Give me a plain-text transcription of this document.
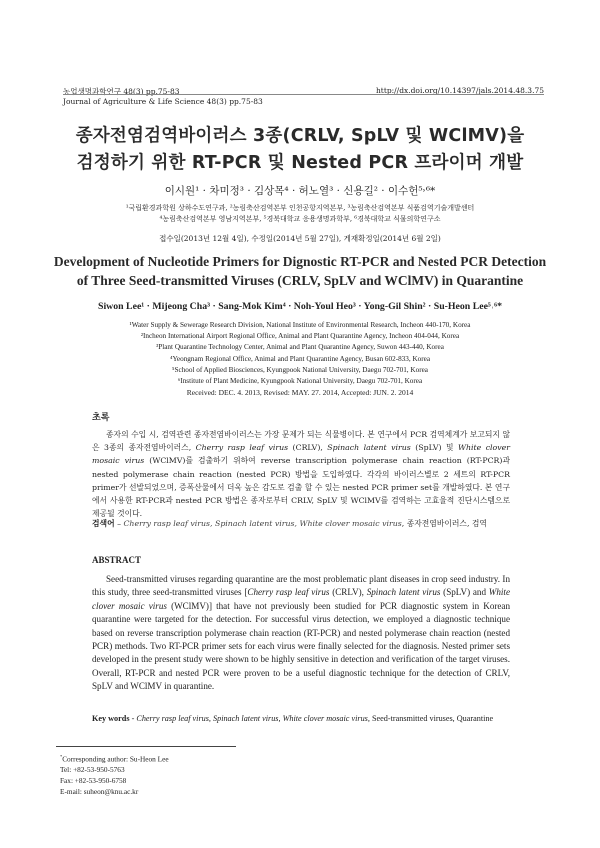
농업생명과학연구 48(3) pp.75-83	http://dx.doi.org/10.14397/jals.2014.48.3.75
Journal of Agriculture & Life Science 48(3) pp.75-83
종자전염검역바이러스 3종(CRLV, SpLV 및 WClMV)을
검정하기 위한 RT-PCR 및 Nested PCR 프라이머 개발
이시원¹ · 차미정³ · 김상목⁴ · 허노열³ · 신용길² · 이수헌⁵˒⁶*
¹국립환경과학원 상하수도연구과, ²농림축산검역본부 인천공항지역본부, ³농림축산검역본부 식품검역기술개발센터
⁴농림축산검역본부 영남지역본부, ⁵경북대학교 응용생명과학부, ⁶경북대학교 식물의학연구소
접수일(2013년 12월 4일), 수정일(2014년 5월 27일), 게재확정일(2014년 6월 2일)
Development of Nucleotide Primers for Dignostic RT-PCR and Nested PCR Detection
of Three Seed-transmitted Viruses (CRLV, SpLV and WClMV) in Quarantine
Siwon Lee¹ · Mijeong Cha³ · Sang-Mok Kim⁴ · Noh-Youl Heo³ · Yong-Gil Shin² · Su-Heon Lee⁵˒⁶*
¹Water Supply & Sewerage Research Division, National Institute of Environmental Research, Incheon 440-170, Korea
²Incheon International Airport Regional Office, Animal and Plant Quarantine Agency, Incheon 404-044, Korea
³Plant Quarantine Technology Center, Animal and Plant Quarantine Agency, Suwon 443-440, Korea
⁴Yeongnam Regional Office, Animal and Plant Quarantine Agency, Busan 602-833, Korea
⁵School of Applied Biosciences, Kyungpook National University, Daegu 702-701, Korea
⁶Institute of Plant Medicine, Kyungpook National University, Daegu 702-701, Korea
Received: DEC. 4. 2013, Revised: MAY. 27. 2014, Accepted: JUN. 2. 2014
초록
종자의 수입 시, 검역관련 종자전염바이러스는 가장 문제가 되는 식물병이다. 본 연구에서 PCR 검역체계가 보고되지 않은 3종의 종자전염바이러스, Cherry rasp leaf virus (CRLV), Spinach latent virus (SpLV) 및 White clover mosaic virus (WClMV)를 검출하기 위하여 reverse transcription polymerase chain reaction (RT-PCR)과 nested polymerase chain reaction (nested PCR) 방법을 도입하였다. 각각의 바이러스별로 2 세트의 RT-PCR primer가 선발되었으며, 증폭산물에서 더욱 높은 감도로 검출 할 수 있는 nested PCR primer set를 개발하였다. 본 연구에서 사용한 RT-PCR과 nested PCR 방법은 종자로부터 CRLV, SpLV 및 WClMV를 검역하는 고효율적 진단시스템으로 제공될 것이다.
검색어 – Cherry rasp leaf virus, Spinach latent virus, White clover mosaic virus, 종자전염바이러스, 검역
ABSTRACT
Seed-transmitted viruses regarding quarantine are the most problematic plant diseases in crop seed industry. In this study, three seed-transmitted viruses [Cherry rasp leaf virus (CRLV), Spinach latent virus (SpLV) and White clover mosaic virus (WClMV)] that have not previously been studied for PCR diagnostic system in Korean quarantine were targeted for the detection. For successful virus detection, we employed a diagnostic technique based on reverse transcription polymerase chain reaction (RT-PCR) and nested polymerase chain reaction (nested PCR) methods. Two RT-PCR primer sets for each virus were finally selected for the diagnosis. Nested primer sets developed in the present study were shown to be highly sensitive in detection and verification of the target viruses. Overall, RT-PCR and nested PCR were proven to be a useful diagnostic technique for the detection of CRLV, SpLV and WClMV in quarantine.
Key words - Cherry rasp leaf virus, Spinach latent virus, White clover mosaic virus, Seed-transmitted viruses, Quarantine
*Corresponding author: Su-Heon Lee
Tel: +82-53-950-5763
Fax: +82-53-950-6758
E-mail: suheon@knu.ac.kr
